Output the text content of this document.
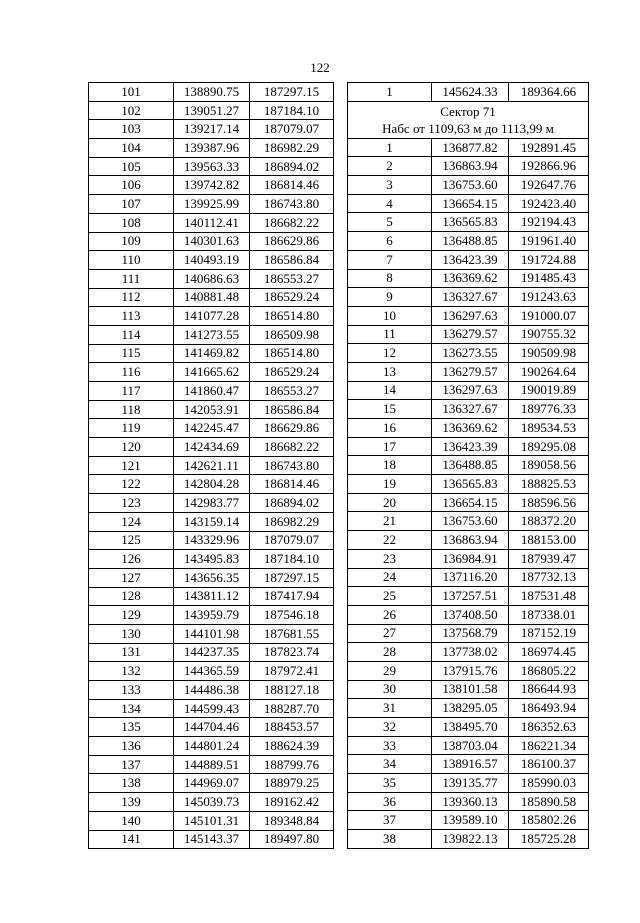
122
101	138890.75	187297.15
102	139051.27	187184.10
103	139217.14	187079.07
104	139387.96	186982.29
105	139563.33	186894.02
106	139742.82	186814.46
107	139925.99	186743.80
108	140112.41	186682.22
109	140301.63	186629.86
110	140493.19	186586.84
111	140686.63	186553.27
112	140881.48	186529.24
113	141077.28	186514.80
114	141273.55	186509.98
115	141469.82	186514.80
116	141665.62	186529.24
117	141860.47	186553.27
118	142053.91	186586.84
119	142245.47	186629.86
120	142434.69	186682.22
121	142621.11	186743.80
122	142804.28	186814.46
123	142983.77	186894.02
124	143159.14	186982.29
125	143329.96	187079.07
126	143495.83	187184.10
127	143656.35	187297.15
128	143811.12	187417.94
129	143959.79	187546.18
130	144101.98	187681.55
131	144237.35	187823.74
132	144365.59	187972.41
133	144486.38	188127.18
134	144599.43	188287.70
135	144704.46	188453.57
136	144801.24	188624.39
137	144889.51	188799.76
138	144969.07	188979.25
139	145039.73	189162.42
140	145101.31	189348.84
141	145143.37	189497.80
1	145624.33	189364.66

Сектор 71
Набс от 1109,63 м до 1113,99 м		

1	136877.82	192891.45
2	136863.94	192866.96
3	136753.60	192647.76
4	136654.15	192423.40
5	136565.83	192194.43
6	136488.85	191961.40
7	136423.39	191724.88
8	136369.62	191485.43
9	136327.67	191243.63
10	136297.63	191000.07
11	136279.57	190755.32
12	136273.55	190509.98
13	136279.57	190264.64
14	136297.63	190019.89
15	136327.67	189776.33
16	136369.62	189534.53
17	136423.39	189295.08
18	136488.85	189058.56
19	136565.83	188825.53
20	136654.15	188596.56
21	136753.60	188372.20
22	136863.94	188153.00
23	136984.91	187939.47
24	137116.20	187732.13
25	137257.51	187531.48
26	137408.50	187338.01
27	137568.79	187152.19
28	137738.02	186974.45
29	137915.76	186805.22
30	138101.58	186644.93
31	138295.05	186493.94
32	138495.70	186352.63
33	138703.04	186221.34
34	138916.57	186100.37
35	139135.77	185990.03
36	139360.13	185890.58
37	139589.10	185802.26
38	139822.13	185725.28
